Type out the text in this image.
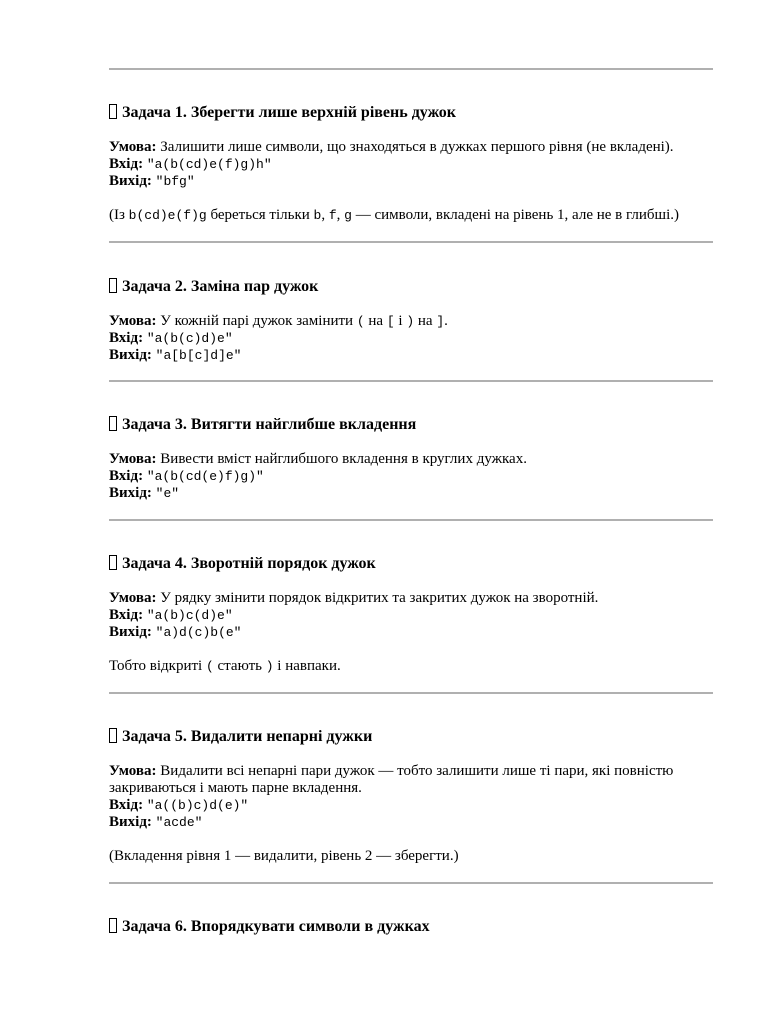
Задача 1. Зберегти лише верхній рівень дужок

Умова: Залишити лише символи, що знаходяться в дужках першого рівня (не вкладені).

Вхід: "a(b(cd)e(f)g)h"

Вихід: "bfg"

(Із b(cd)e(f)g береться тільки b, f, g — символи, вкладені на рівень 1, але не в глибші.)

Задача 2. Заміна пар дужок

Умова: У кожній парі дужок замінити ( на [ і ) на ].

Вхід: "a(b(c)d)e"

Вихід: "a[b[c]d]e"

Задача 3. Витягти найглибше вкладення

Умова: Вивести вміст найглибшого вкладення в круглих дужках.

Вхід: "a(b(cd(e)f)g)"

Вихід: "e"

Задача 4. Зворотній порядок дужок

Умова: У рядку змінити порядок відкритих та закритих дужок на зворотній.

Вхід: "a(b)c(d)e"

Вихід: "a)d(c)b(e"

Тобто відкриті ( стають ) і навпаки.

Задача 5. Видалити непарні дужки

Умова: Видалити всі непарні пари дужок — тобто залишити лише ті пари, які повністю закриваються і мають парне вкладення.

Вхід: "a((b)c)d(e)"

Вихід: "acde"

(Вкладення рівня 1 — видалити, рівень 2 — зберегти.)

Задача 6. Впорядкувати символи в дужках
